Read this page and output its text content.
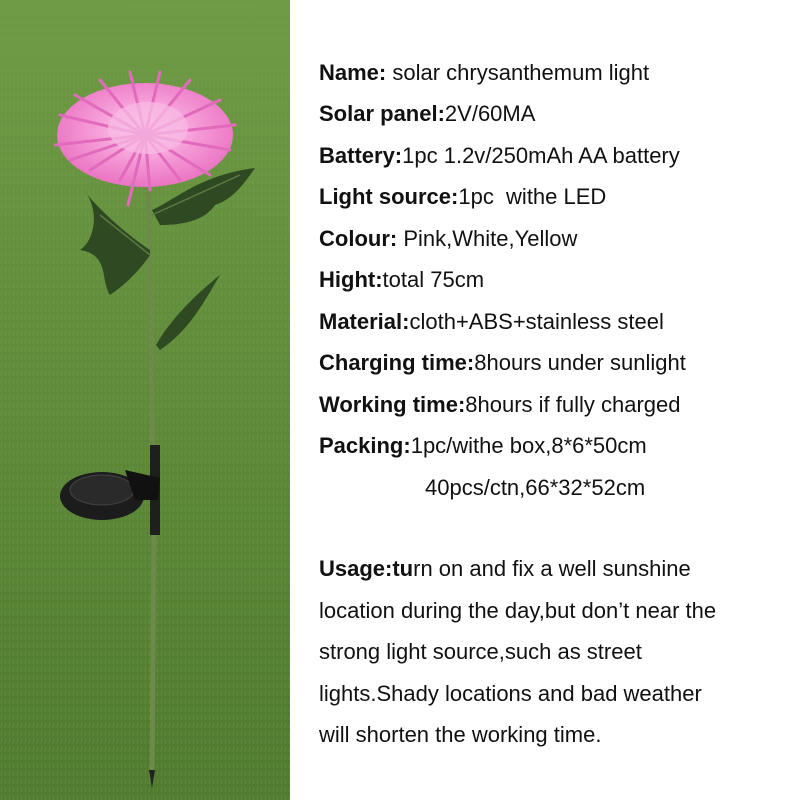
Name: solar chrysanthemum light
Solar panel: 2V/60MA
Battery: 1pc 1.2v/250mAh AA battery
Light source: 1pc  withe LED
Colour: Pink,White,Yellow
Hight: total 75cm
Material: cloth+ABS+stainless steel
Charging time: 8hours under sunlight
Working time: 8hours if fully charged
Packing: 1pc/withe box,8*6*50cm
40pcs/ctn,66*32*52cm
Usage:turn on and fix a well sunshine
location during the day,but don’t near the
strong light source,such as street
lights.Shady locations and bad weather
will shorten the working time.
